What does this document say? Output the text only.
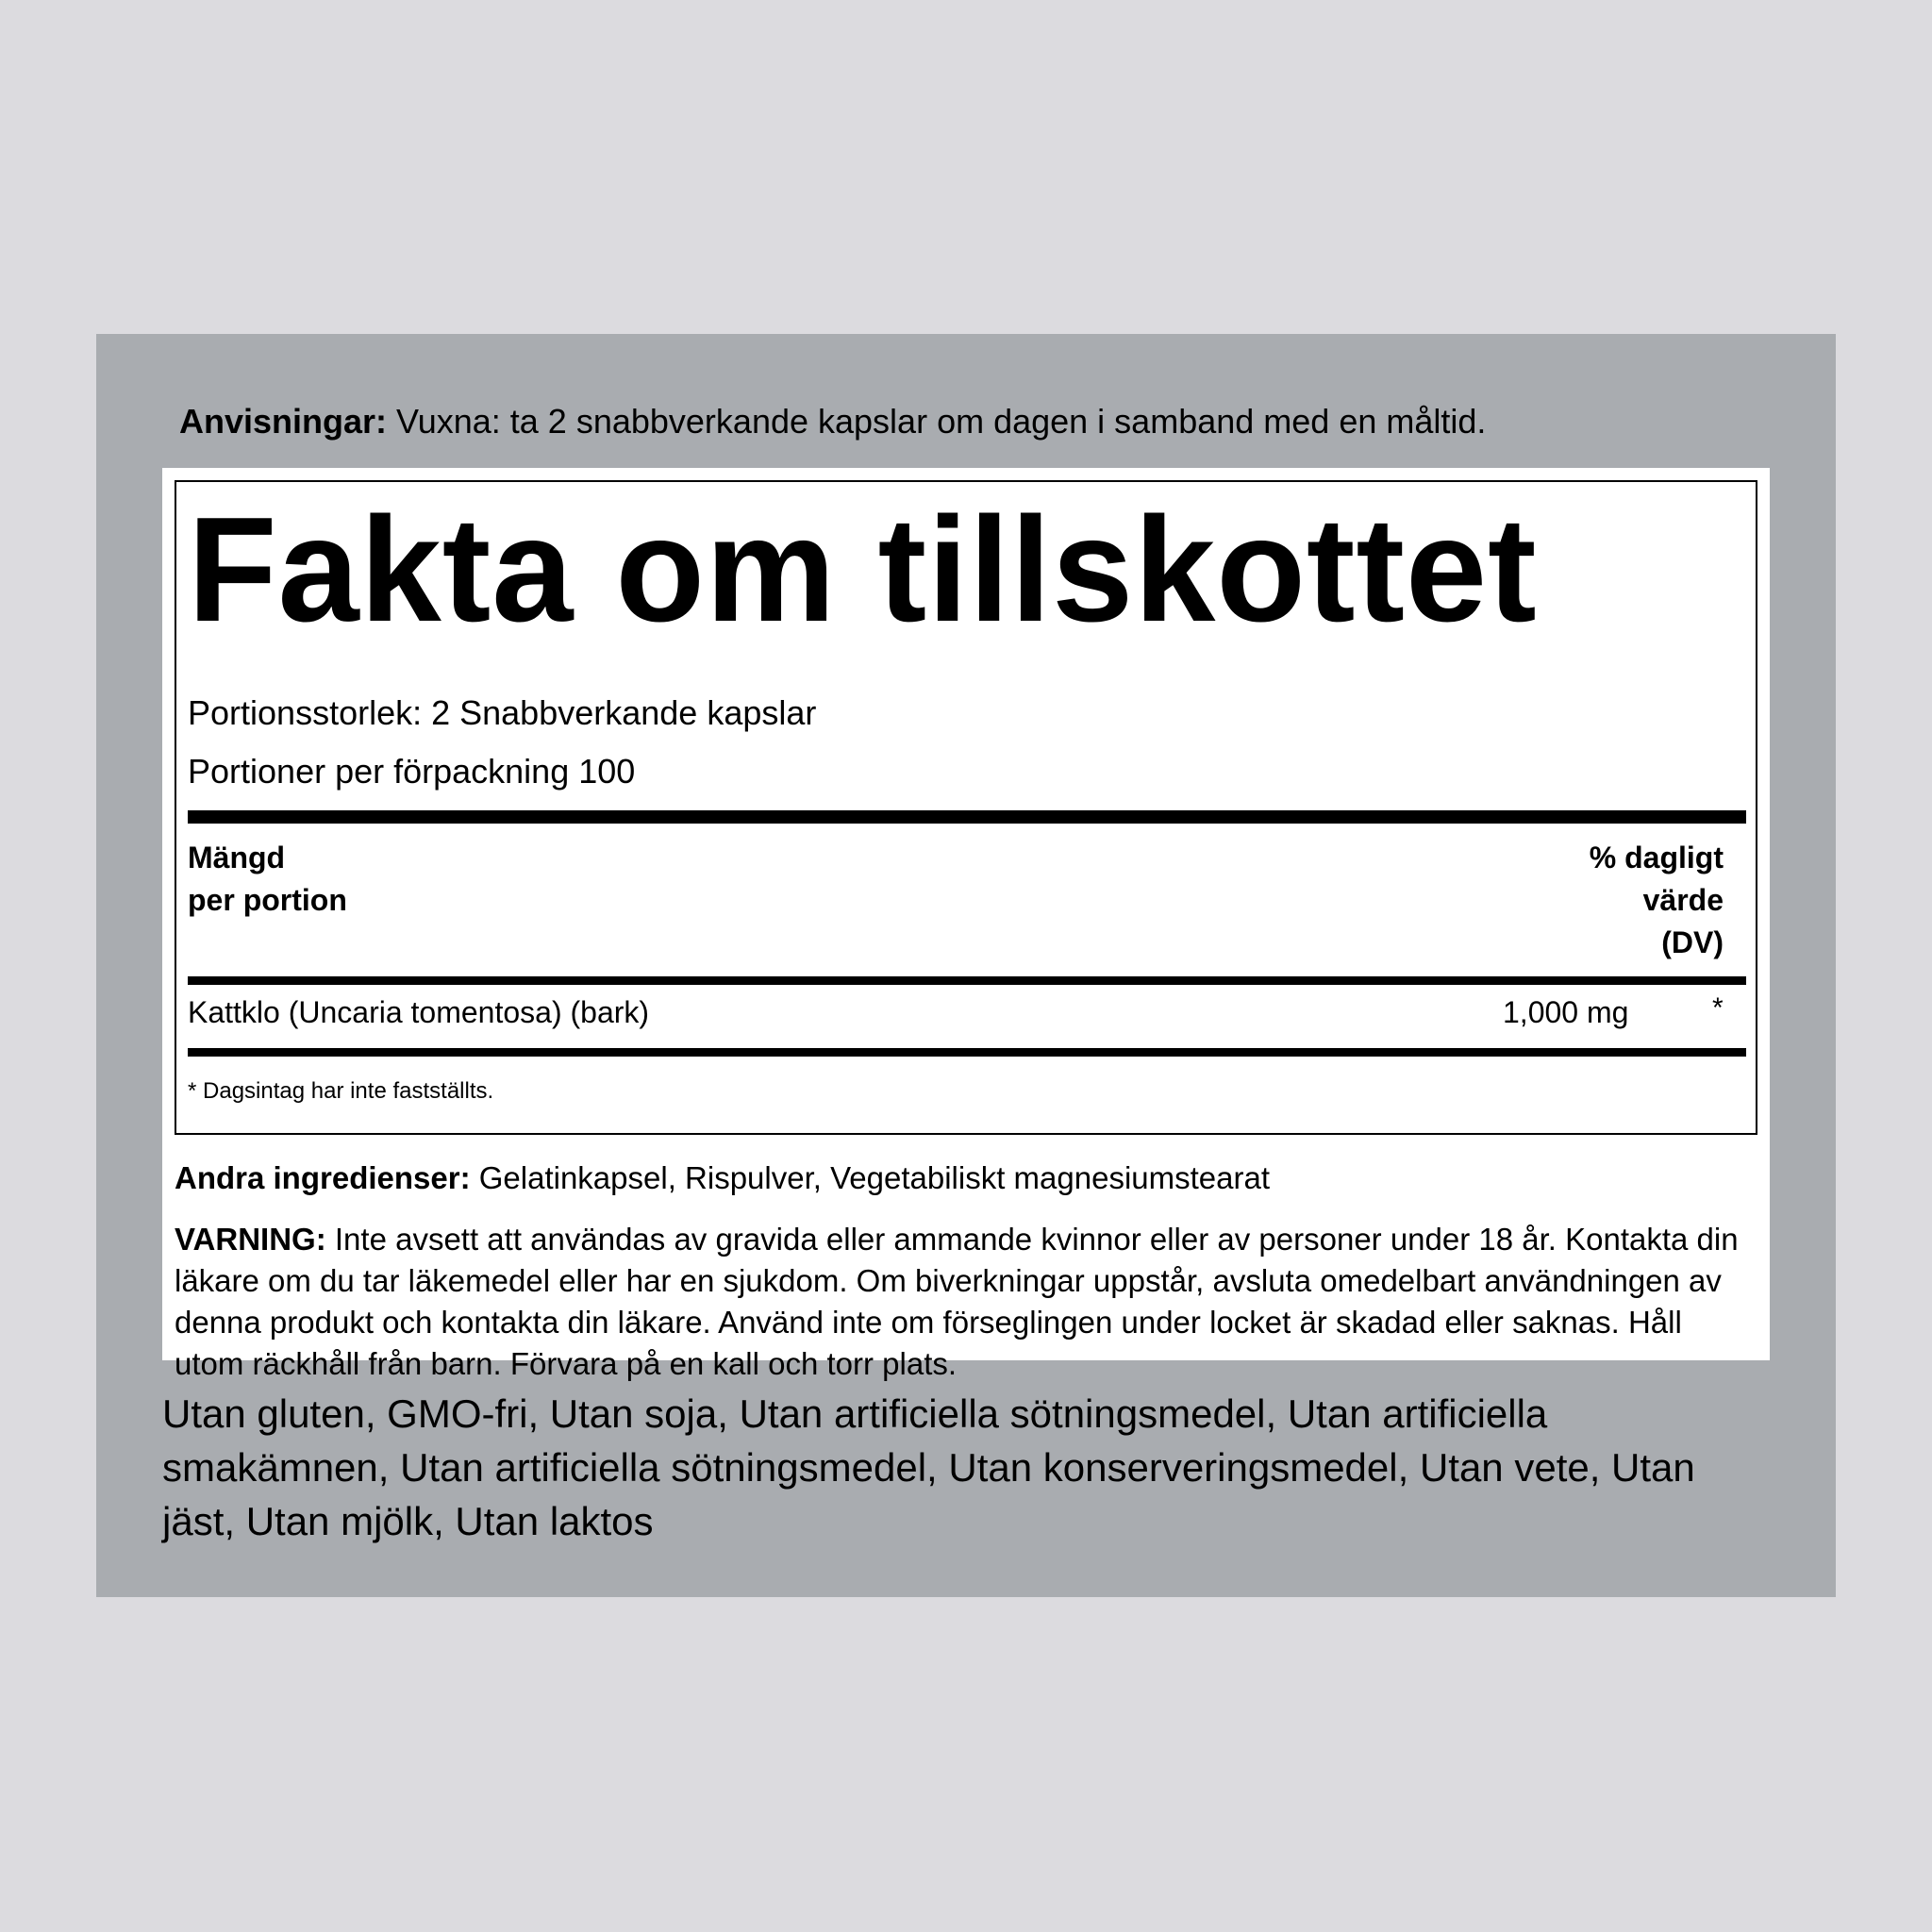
Anvisningar: Vuxna: ta 2 snabbverkande kapslar om dagen i samband med en måltid.
Fakta om tillskottet
Portionsstorlek: 2 Snabbverkande kapslar
Portioner per förpackning 100
Mängd
per portion
% dagligt
värde
(DV)
Kattklo (Uncaria tomentosa) (bark)	1,000 mg	*
* Dagsintag har inte fastställts.
Andra ingredienser: Gelatinkapsel, Rispulver, Vegetabiliskt magnesiumstearat
VARNING: Inte avsett att användas av gravida eller ammande kvinnor eller av personer under 18 år. Kontakta din läkare om du tar läkemedel eller har en sjukdom. Om biverkningar uppstår, avsluta omedelbart användningen av denna produkt och kontakta din läkare. Använd inte om förseglingen under locket är skadad eller saknas. Håll utom räckhåll från barn. Förvara på en kall och torr plats.
Utan gluten, GMO-fri, Utan soja, Utan artificiella sötningsmedel, Utan artificiella smakämnen, Utan artificiella sötningsmedel, Utan konserveringsmedel, Utan vete, Utan jäst, Utan mjölk, Utan laktos
